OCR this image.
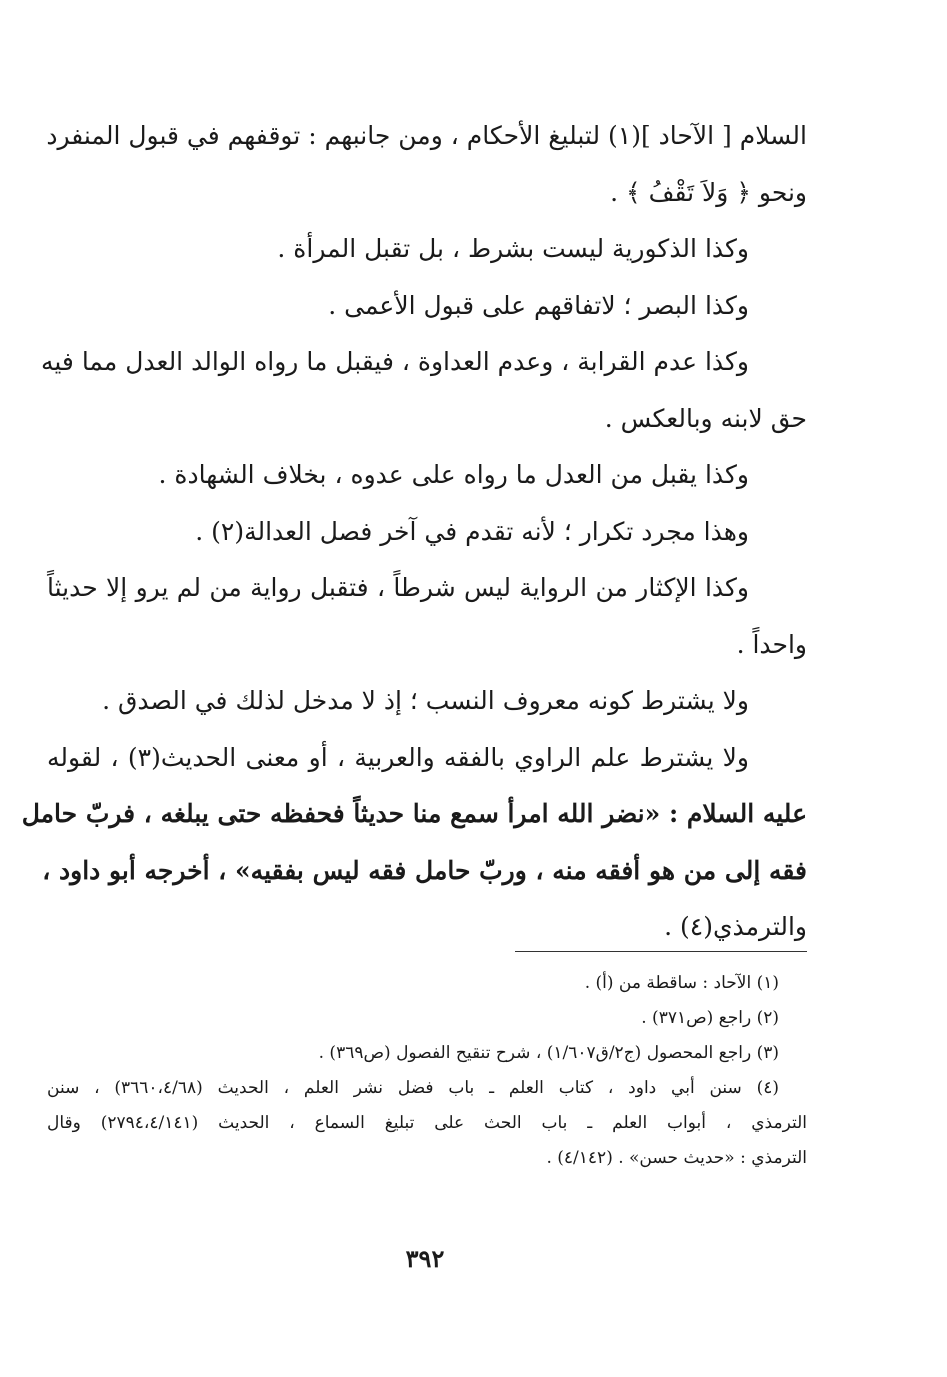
السلام [ الآحاد ](١) لتبليغ الأحكام ، ومن جانبهم : توقفهم في قبول المنفرد
ونحو ﴿ وَلاَ تَقْفُ ﴾ .
وكذا الذكورية ليست بشرط ، بل تقبل المرأة .
وكذا البصر ؛ لاتفاقهم على قبول الأعمى .
وكذا عدم القرابة ، وعدم العداوة ، فيقبل ما رواه الوالد العدل مما فيه
حق لابنه وبالعكس .
وكذا يقبل من العدل ما رواه على عدوه ، بخلاف الشهادة .
وهذا مجرد تكرار ؛ لأنه تقدم في آخر فصل العدالة(٢) .
وكذا الإكثار من الرواية ليس شرطاً ، فتقبل رواية من لم يرو إلا حديثاً
واحداً .
ولا يشترط كونه معروف النسب ؛ إذ لا مدخل لذلك في الصدق .
ولا يشترط علم الراوي بالفقه والعربية ، أو معنى الحديث(٣) ، لقوله
عليه السلام : «نضر الله امرأ سمع منا حديثاً فحفظه حتى يبلغه ، فربّ حامل
فقه إلى من هو أفقه منه ، وربّ حامل فقه ليس بفقيه» ، أخرجه أبو داود ،
والترمذي(٤) .
(١) الآحاد : ساقطة من (أ) .
(٢) راجع (ص٣٧١) .
(٣) راجع المحصول (ج٢/ق١/٦٠٧) ، شرح تنقيح الفصول (ص٣٦٩) .
(٤) سنن أبي داود ، كتاب العلم ـ باب فضل نشر العلم ، الحديث (٣٦٦٠،٤/٦٨) ، سنن
الترمذي ، أبواب العلم ـ باب الحث على تبليغ السماع ، الحديث (٢٧٩٤،٤/١٤١) وقال
الترمذي : «حديث حسن» . (٤/١٤٢) .
٣٩٢
